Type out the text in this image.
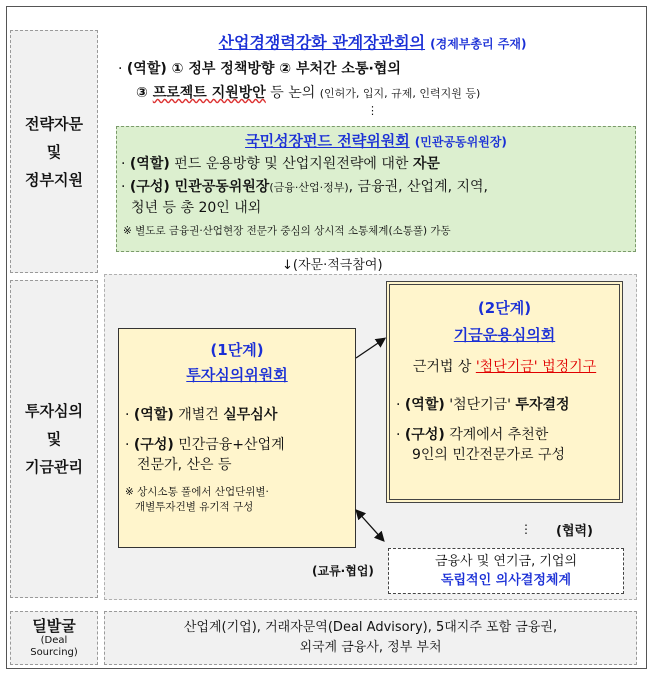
전략자문
및
정부지원
투자심의
및
기금관리
딜발굴
(Deal
Sourcing)
산업경쟁력강화 관계장관회의 (경제부총리 주재)
· (역할) ① 정부 정책방향 ② 부처간 소통·협의
③ 프로젝트 지원방안 등 논의 (인허가, 입지, 규제, 인력지원 등)
⋮
국민성장펀드 전략위원회 (민관공동위원장)
· (역할) 펀드 운용방향 및 산업지원전략에 대한 자문
· (구성) 민관공동위원장(금융·산업·정부), 금융권, 산업계, 지역,
청년 등 총 20인 내외
※ 별도로 금융권·산업현장 전문가 중심의 상시적 소통체계(소통풀) 가동
↓(자문·적극참여)
(1단계)
투자심의위원회
· (역할) 개별건 실무심사
· (구성) 민간금융+산업계
전문가, 산은 등
※ 상시소통 풀에서 산업단위별·
개별투자건별 유기적 구성
(2단계)
기금운용심의회
근거법 상 '첨단기금' 법정기구
· (역할) '첨단기금' 투자결정
· (구성) 각계에서 추천한
9인의 민간전문가로 구성
⋮ (협력)
(교류·협업)
금융사 및 연기금, 기업의
독립적인 의사결정체계
산업계(기업), 거래자문역(Deal Advisory), 5대지주 포함 금융권,
외국계 금융사, 정부 부처
